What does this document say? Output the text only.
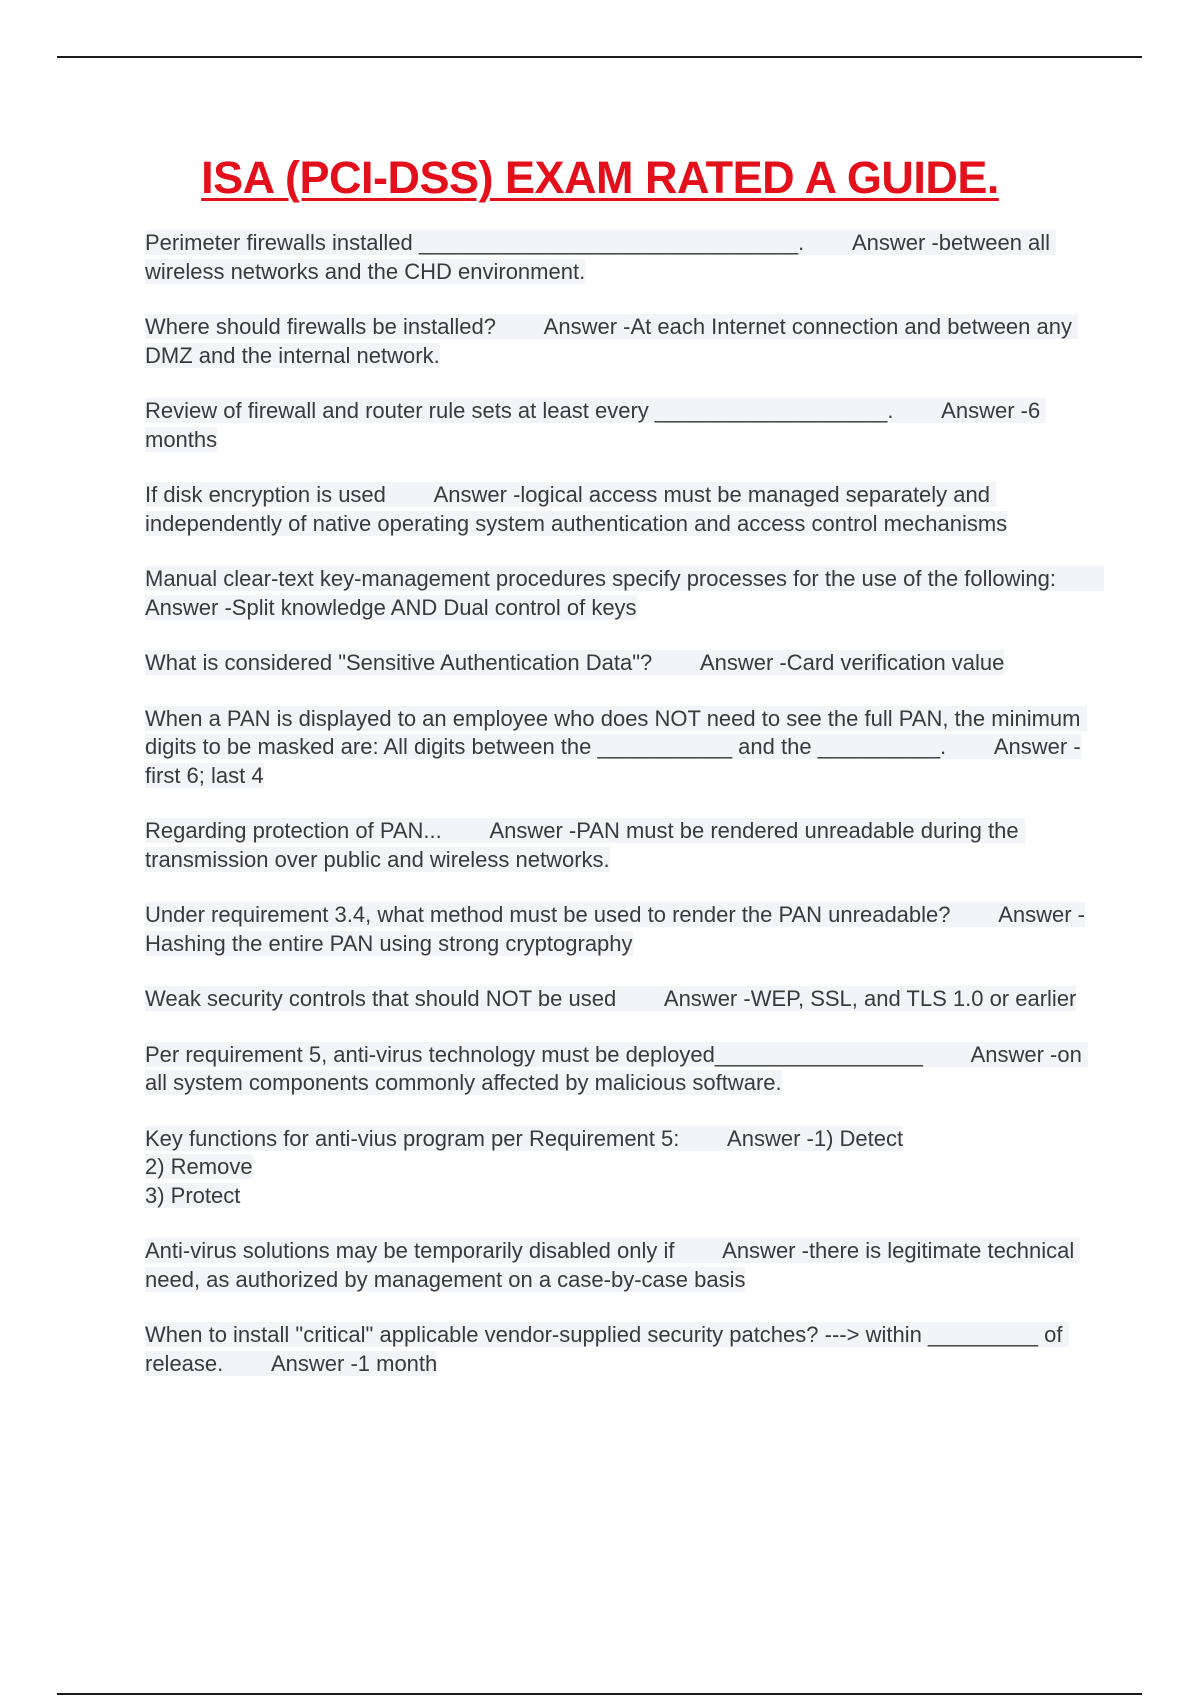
ISA (PCI-DSS) EXAM RATED A GUIDE.

Perimeter firewalls installed _______________________________. Answer -between all wireless networks and the CHD environment.

Where should firewalls be installed? Answer -At each Internet connection and between any DMZ and the internal network.

Review of firewall and router rule sets at least every ___________________. Answer -6 months

If disk encryption is used Answer -logical access must be managed separately and independently of native operating system authentication and access control mechanisms

Manual clear-text key-management procedures specify processes for the use of the following:        Answer -Split knowledge AND Dual control of keys

What is considered "Sensitive Authentication Data"? Answer -Card verification value

When a PAN is displayed to an employee who does NOT need to see the full PAN, the minimum digits to be masked are: All digits between the ___________ and the __________. Answer -first 6; last 4

Regarding protection of PAN... Answer -PAN must be rendered unreadable during the transmission over public and wireless networks.

Under requirement 3.4, what method must be used to render the PAN unreadable? Answer -Hashing the entire PAN using strong cryptography

Weak security controls that should NOT be used Answer -WEP, SSL, and TLS 1.0 or earlier

Per requirement 5, anti-virus technology must be deployed_________________ Answer -on all system components commonly affected by malicious software.

Key functions for anti-vius program per Requirement 5: Answer -1) Detect
2) Remove
3) Protect

Anti-virus solutions may be temporarily disabled only if Answer -there is legitimate technical need, as authorized by management on a case-by-case basis

When to install "critical" applicable vendor-supplied security patches? ---> within _________ of release. Answer -1 month
